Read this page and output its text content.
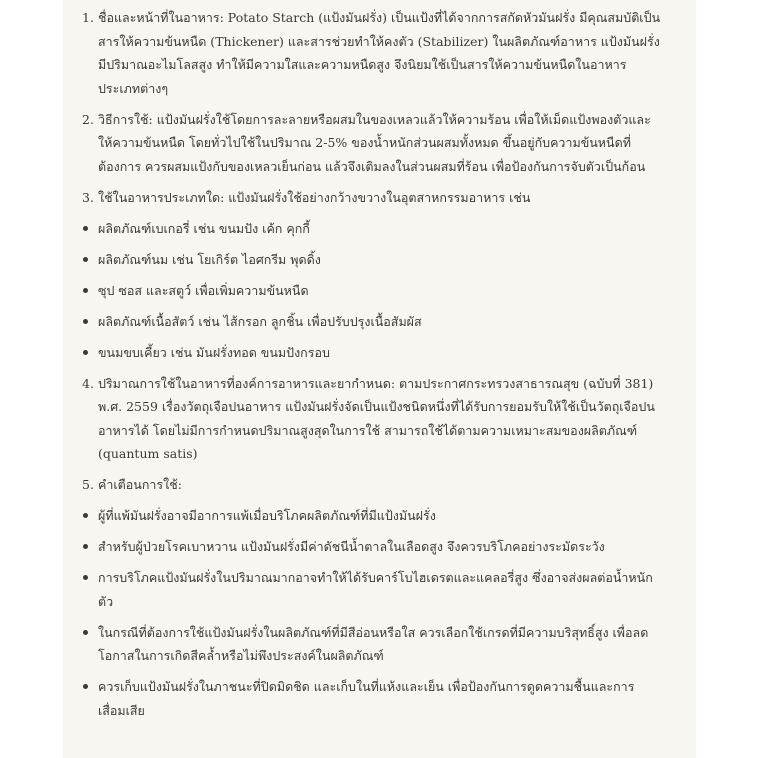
1. ชื่อและหน้าที่ในอาหาร: Potato Starch (แป้งมันฝรั่ง) เป็นแป้งที่ได้จากการสกัดหัวมันฝรั่ง มีคุณสมบัติเป็นสารให้ความข้นหนืด (Thickener) และสารช่วยทำให้คงตัว (Stabilizer) ในผลิตภัณฑ์อาหาร แป้งมันฝรั่งมีปริมาณอะไมโลสสูง ทำให้มีความใสและความหนืดสูง จึงนิยมใช้เป็นสารให้ความข้นหนืดในอาหารประเภทต่างๆ
2. วิธีการใช้: แป้งมันฝรั่งใช้โดยการละลายหรือผสมในของเหลวแล้วให้ความร้อน เพื่อให้เม็ดแป้งพองตัวและให้ความข้นหนืด โดยทั่วไปใช้ในปริมาณ 2-5% ของน้ำหนักส่วนผสมทั้งหมด ขึ้นอยู่กับความข้นหนืดที่ต้องการ ควรผสมแป้งกับของเหลวเย็นก่อน แล้วจึงเติมลงในส่วนผสมที่ร้อน เพื่อป้องกันการจับตัวเป็นก้อน
3. ใช้ในอาหารประเภทใด: แป้งมันฝรั่งใช้อย่างกว้างขวางในอุตสาหกรรมอาหาร เช่น
ผลิตภัณฑ์เบเกอรี่ เช่น ขนมปัง เค้ก คุกกี้
ผลิตภัณฑ์นม เช่น โยเกิร์ต ไอศกรีม พุดดิ้ง
ซุป ซอส และสตูว์ เพื่อเพิ่มความข้นหนืด
ผลิตภัณฑ์เนื้อสัตว์ เช่น ไส้กรอก ลูกชิ้น เพื่อปรับปรุงเนื้อสัมผัส
ขนมขบเคี้ยว เช่น มันฝรั่งทอด ขนมปังกรอบ
4. ปริมาณการใช้ในอาหารที่องค์การอาหารและยากำหนด: ตามประกาศกระทรวงสาธารณสุข (ฉบับที่ 381) พ.ศ. 2559 เรื่องวัตถุเจือปนอาหาร แป้งมันฝรั่งจัดเป็นแป้งชนิดหนึ่งที่ได้รับการยอมรับให้ใช้เป็นวัตถุเจือปนอาหารได้ โดยไม่มีการกำหนดปริมาณสูงสุดในการใช้ สามารถใช้ได้ตามความเหมาะสมของผลิตภัณฑ์ (quantum satis)
5. คำเตือนการใช้:
ผู้ที่แพ้มันฝรั่งอาจมีอาการแพ้เมื่อบริโภคผลิตภัณฑ์ที่มีแป้งมันฝรั่ง
สำหรับผู้ป่วยโรคเบาหวาน แป้งมันฝรั่งมีค่าดัชนีน้ำตาลในเลือดสูง จึงควรบริโภคอย่างระมัดระวัง
การบริโภคแป้งมันฝรั่งในปริมาณมากอาจทำให้ได้รับคาร์โบไฮเดรตและแคลอรี่สูง ซึ่งอาจส่งผลต่อน้ำหนักตัว
ในกรณีที่ต้องการใช้แป้งมันฝรั่งในผลิตภัณฑ์ที่มีสีอ่อนหรือใส ควรเลือกใช้เกรดที่มีความบริสุทธิ์สูง เพื่อลดโอกาสในการเกิดสีคล้ำหรือไม่พึงประสงค์ในผลิตภัณฑ์
ควรเก็บแป้งมันฝรั่งในภาชนะที่ปิดมิดชิด และเก็บในที่แห้งและเย็น เพื่อป้องกันการดูดความชื้นและการเสื่อมเสีย
